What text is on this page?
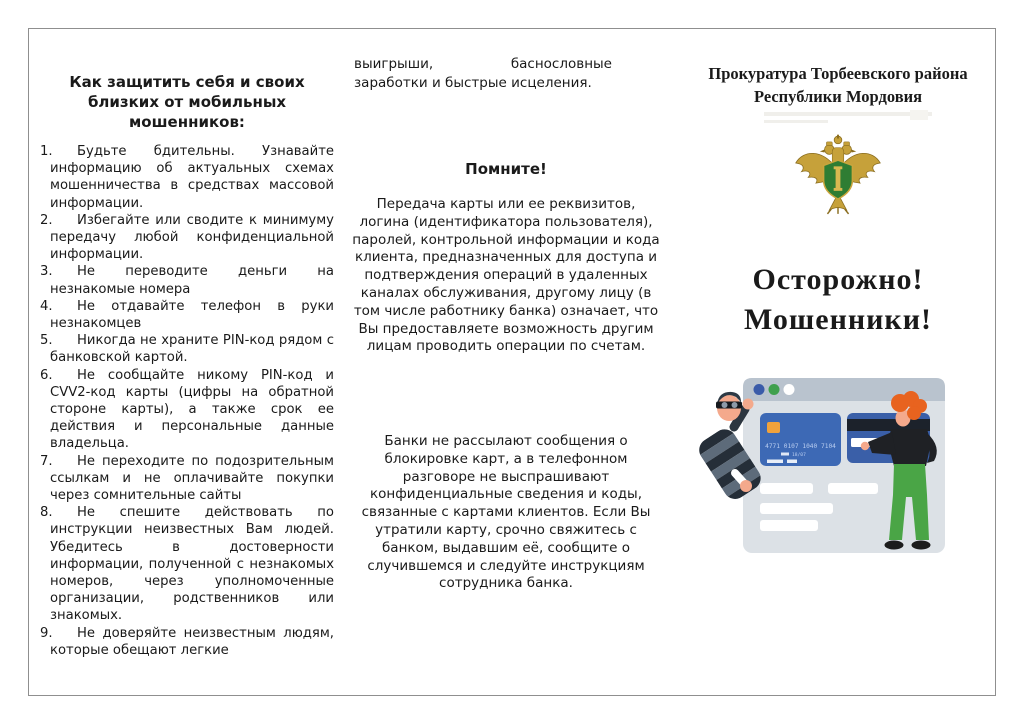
Как защитить себя и своих близких от мобильных мошенников:
1. Будьте бдительны. Узнавайте информацию об актуальных схемах мошенничества в средствах массовой информации.
2. Избегайте или сводите к минимуму передачу любой конфиденциальной информации.
3. Не переводите деньги на незнакомые номера
4. Не отдавайте телефон в руки незнакомцев
5. Никогда не храните PIN-код рядом с банковской картой.
6. Не сообщайте никому PIN-код и CVV2-код карты (цифры на обратной стороне карты), а также срок ее действия и персональные данные владельца.
7. Не переходите по подозрительным ссылкам и не оплачивайте покупки через сомнительные сайты
8. Не спешите действовать по инструкции неизвестных Вам людей. Убедитесь в достоверности информации, полученной с незнакомых номеров, через уполномоченные организации, родственников или знакомых.
9. Не доверяйте неизвестным людям, которые обещают легкие
выигрыши, баснословные заработки и быстрые исцеления.
Помните!
Передача карты или ее реквизитов, логина (идентификатора пользователя), паролей, контрольной информации и кода клиента, предназначенных для доступа и подтверждения операций в удаленных каналах обслуживания, другому лицу (в том числе работнику банка) означает, что Вы предоставляете возможность другим лицам проводить операции по счетам.
Банки не рассылают сообщения о блокировке карт, а в телефонном разговоре не выспрашивают конфиденциальные сведения и коды, связанные с картами клиентов. Если Вы утратили карту, срочно свяжитесь с банком, выдавшим её, сообщите о случившемся и следуйте инструкциям сотрудника банка.
Прокуратура Торбеевского района
Республики Мордовия
Осторожно!
Мошенники!
4771 0107 1040 7104
18/07
